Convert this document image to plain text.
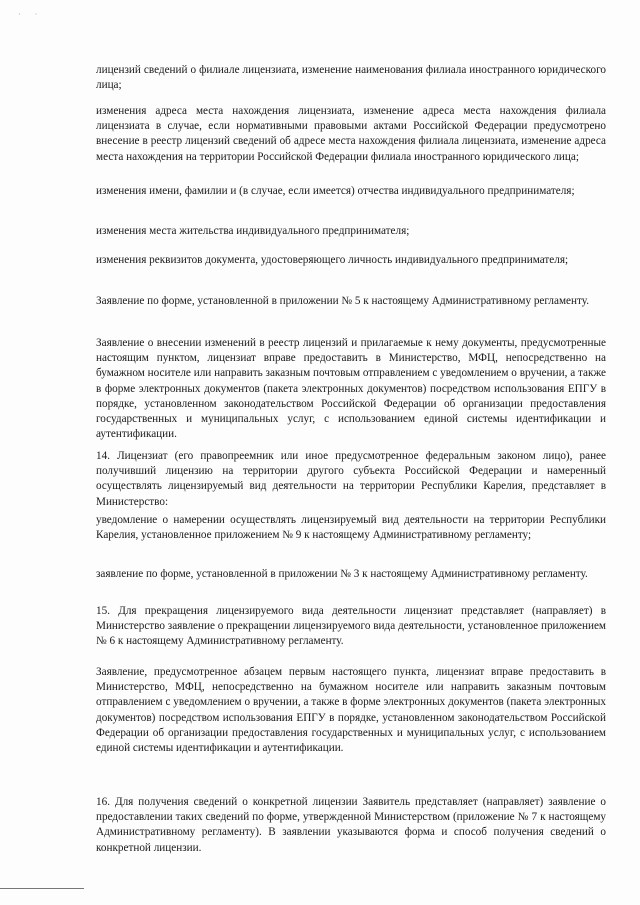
· ·

лицензий сведений о филиале лицензиата, изменение наименования филиала иностранного юридического лица;

изменения адреса места нахождения лицензиата, изменение адреса места нахождения филиала лицензиата в случае, если нормативными правовыми актами Российской Федерации предусмотрено внесение в реестр лицензий сведений об адресе места нахождения филиала лицензиата, изменение адреса места нахождения на территории Российской Федерации филиала иностранного юридического лица;

изменения имени, фамилии и (в случае, если имеется) отчества индивидуального предпринимателя;

изменения места жительства индивидуального предпринимателя;

изменения реквизитов документа, удостоверяющего личность индивидуального предпринимателя;

Заявление по форме, установленной в приложении № 5 к настоящему Административному регламенту.

Заявление о внесении изменений в реестр лицензий и прилагаемые к нему документы, предусмотренные настоящим пунктом, лицензиат вправе предоставить в Министерство, МФЦ, непосредственно на бумажном носителе или направить заказным почтовым отправлением с уведомлением о вручении, а также в форме электронных документов (пакета электронных документов) посредством использования ЕПГУ в порядке, установленном законодательством Российской Федерации об организации предоставления государственных и муниципальных услуг, с использованием единой системы идентификации и аутентификации.

14. Лицензиат (его правопреемник или иное предусмотренное федеральным законом лицо), ранее получивший лицензию на территории другого субъекта Российской Федерации и намеренный осуществлять лицензируемый вид деятельности на территории Республики Карелия, представляет в Министерство:

уведомление о намерении осуществлять лицензируемый вид деятельности на территории Республики Карелия, установленное приложением № 9 к настоящему Административному регламенту;

заявление по форме, установленной в приложении № 3 к настоящему Административному регламенту.

15. Для прекращения лицензируемого вида деятельности лицензиат представляет (направляет) в Министерство заявление о прекращении лицензируемого вида деятельности, установленное приложением № 6 к настоящему Административному регламенту.

Заявление, предусмотренное абзацем первым настоящего пункта, лицензиат вправе предоставить в Министерство, МФЦ, непосредственно на бумажном носителе или направить заказным почтовым отправлением с уведомлением о вручении, а также в форме электронных документов (пакета электронных документов) посредством использования ЕПГУ в порядке, установленном законодательством Российской Федерации об организации предоставления государственных и муниципальных услуг, с использованием единой системы идентификации и аутентификации.

16. Для получения сведений о конкретной лицензии Заявитель представляет (направляет) заявление о предоставлении таких сведений по форме, утвержденной Министерством (приложение № 7 к настоящему Административному регламенту). В заявлении указываются форма и способ получения сведений о конкретной лицензии.
